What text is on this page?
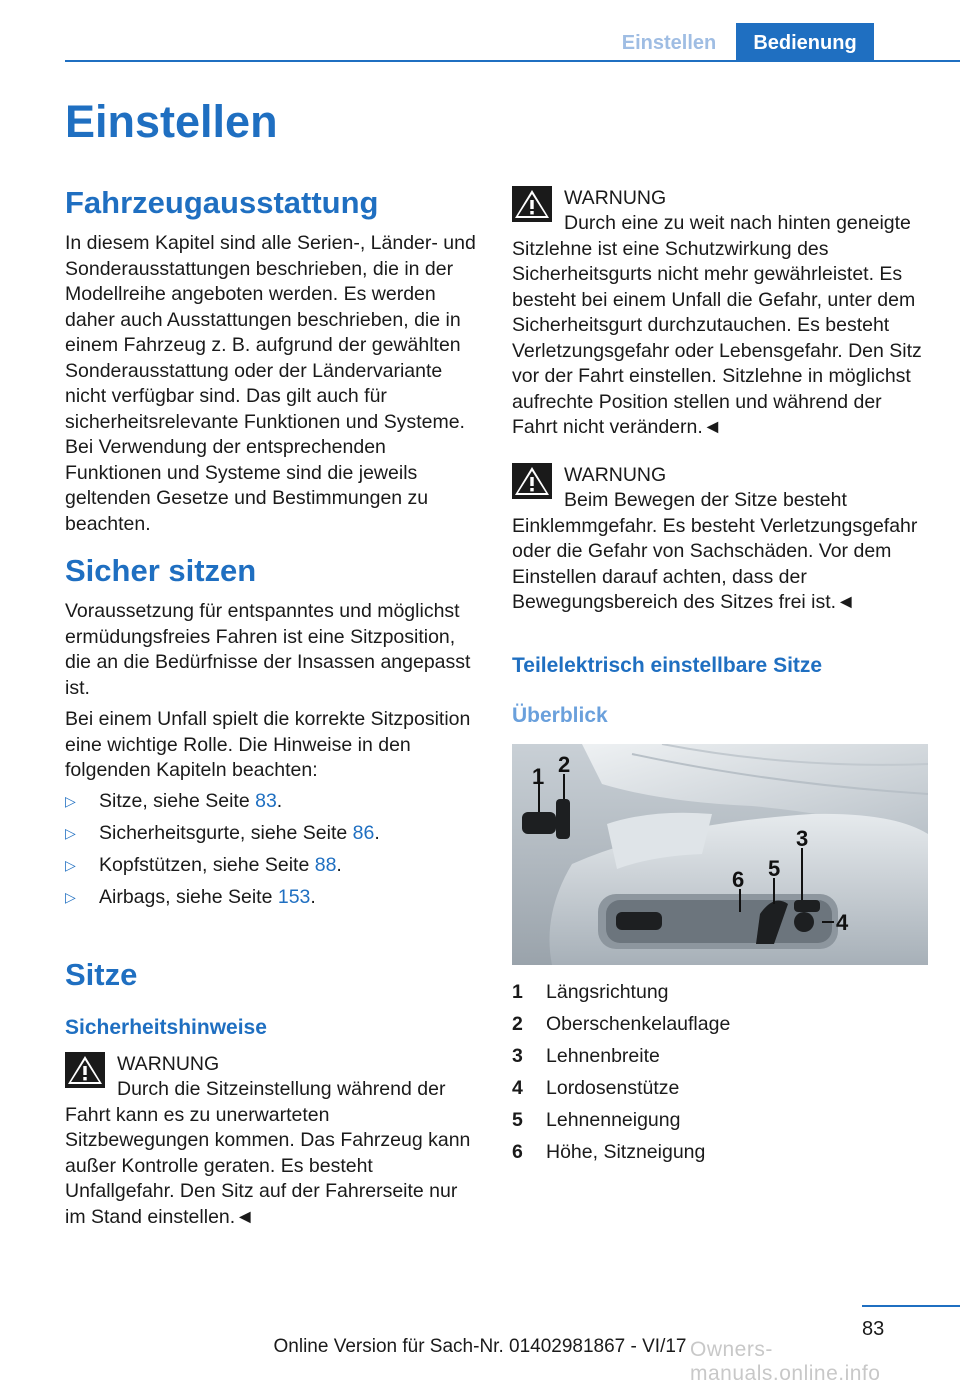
Einstellen	Bedienung
Einstellen
Fahrzeugausstattung

In diesem Kapitel sind alle Serien-, Länder- und Sonderausstattungen beschrieben, die in der Modellreihe angeboten werden. Es werden daher auch Ausstattungen beschrieben, die in einem Fahrzeug z. B. aufgrund der gewählten Sonderausstattung oder der Ländervariante nicht verfügbar sind. Das gilt auch für sicherheitsrelevante Funktionen und Systeme. Bei Verwendung der entsprechenden Funktionen und Systeme sind die jeweils geltenden Gesetze und Bestimmungen zu beachten.

Sicher sitzen

Voraussetzung für entspanntes und möglichst ermüdungsfreies Fahren ist eine Sitzposition, die an die Bedürfnisse der Insassen angepasst ist.

Bei einem Unfall spielt die korrekte Sitzposition eine wichtige Rolle. Die Hinweise in den folgenden Kapiteln beachten:

▷ Sitze, siehe Seite 83.
▷ Sicherheitsgurte, siehe Seite 86.
▷ Kopfstützen, siehe Seite 88.
▷ Airbags, siehe Seite 153.
Sitze
Sicherheitshinweise
WARNUNG

Durch die Sitzeinstellung während der Fahrt kann es zu unerwarteten Sitzbewegungen kommen. Das Fahrzeug kann außer Kontrolle geraten. Es besteht Unfallgefahr. Den Sitz auf der Fahrerseite nur im Stand einstellen.◄

WARNUNG

Durch eine zu weit nach hinten geneigte Sitzlehne ist eine Schutzwirkung des Sicherheitsgurts nicht mehr gewährleistet. Es besteht bei einem Unfall die Gefahr, unter dem Sicherheitsgurt durchzutauchen. Es besteht Verletzungsgefahr oder Lebensgefahr. Den Sitz vor der Fahrt einstellen. Sitzlehne in möglichst aufrechte Position stellen und während der Fahrt nicht verändern.◄

WARNUNG

Beim Bewegen der Sitze besteht Einklemmgefahr. Es besteht Verletzungsgefahr oder die Gefahr von Sachschäden. Vor dem Einstellen darauf achten, dass der Bewegungsbereich des Sitzes frei ist.◄

Teilelektrisch einstellbare Sitze
Überblick
1 2
3
4
5
6
1 Längsrichtung
2 Oberschenkelauflage
3 Lehnenbreite
4 Lordosenstütze
5 Lehnenneigung
6 Höhe, Sitzneigung
83
Owners-manuals.online.info
Online Version für Sach-Nr. 01402981867 - VI/17
